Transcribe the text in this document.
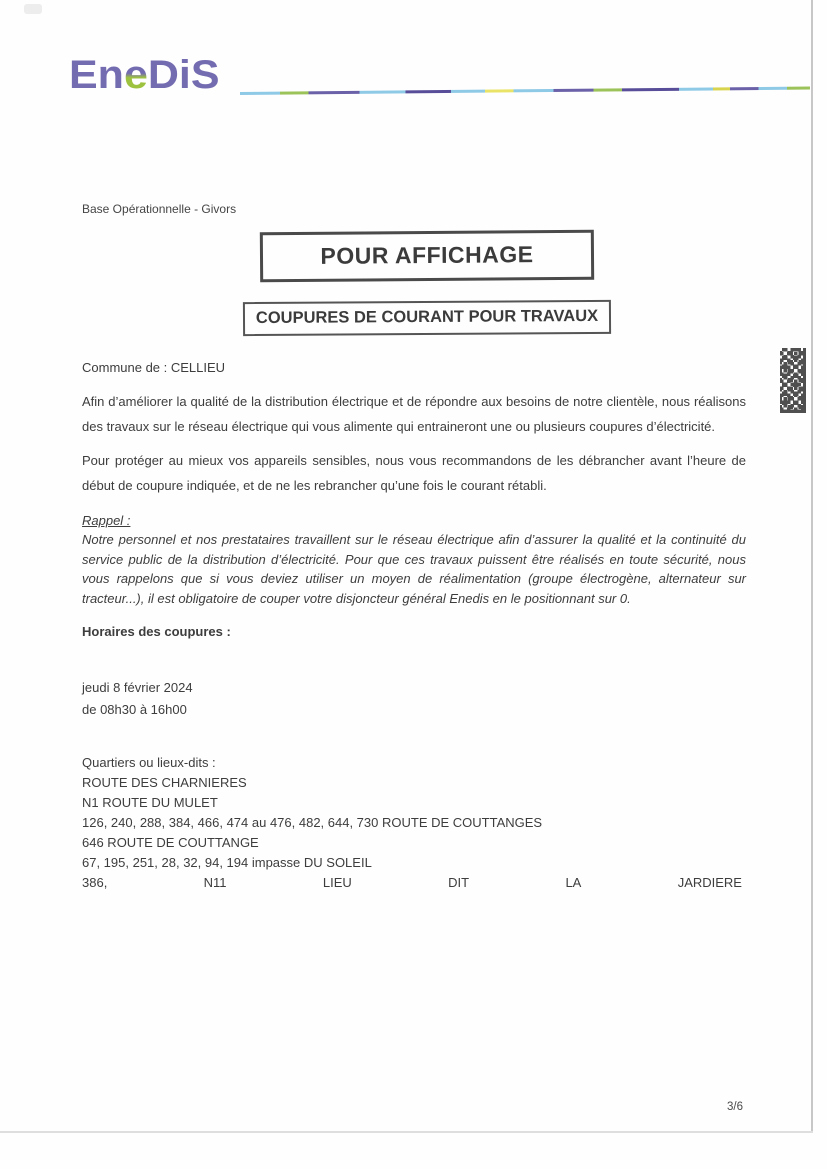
EneDiS
Base Opérationnelle - Givors
POUR AFFICHAGE
COUPURES DE COURANT POUR TRAVAUX
Commune de : CELLIEU

Afin d’améliorer la qualité de la distribution électrique et de répondre aux besoins de notre clientèle, nous réalisons des travaux sur le réseau électrique qui vous alimente qui entraineront une ou plusieurs coupures d’électricité.

Pour protéger au mieux vos appareils sensibles, nous vous recommandons de les débrancher avant l’heure de début de coupure indiquée, et de ne les rebrancher qu’une fois le courant rétabli.

Rappel :

Notre personnel et nos prestataires travaillent sur le réseau électrique afin d’assurer la qualité et la continuité du service public de la distribution d’électricité. Pour que ces travaux puissent être réalisés en toute sécurité, nous vous rappelons que si vous deviez utiliser un moyen de réalimentation (groupe électrogène, alternateur sur tracteur...), il est obligatoire de couper votre disjoncteur général Enedis en le positionnant sur 0.

Horaires des coupures :
jeudi 8 février 2024
de 08h30 à 16h00
Quartiers ou lieux-dits :
ROUTE DES CHARNIERES
N1 ROUTE DU MULET
126, 240, 288, 384, 466, 474 au 476, 482, 644, 730 ROUTE DE COUTTANGES
646 ROUTE DE COUTTANGE
67, 195, 251, 28, 32, 94, 194 impasse DU SOLEIL
386,	N11	LIEU	DIT	LA	JARDIERE
3/6
